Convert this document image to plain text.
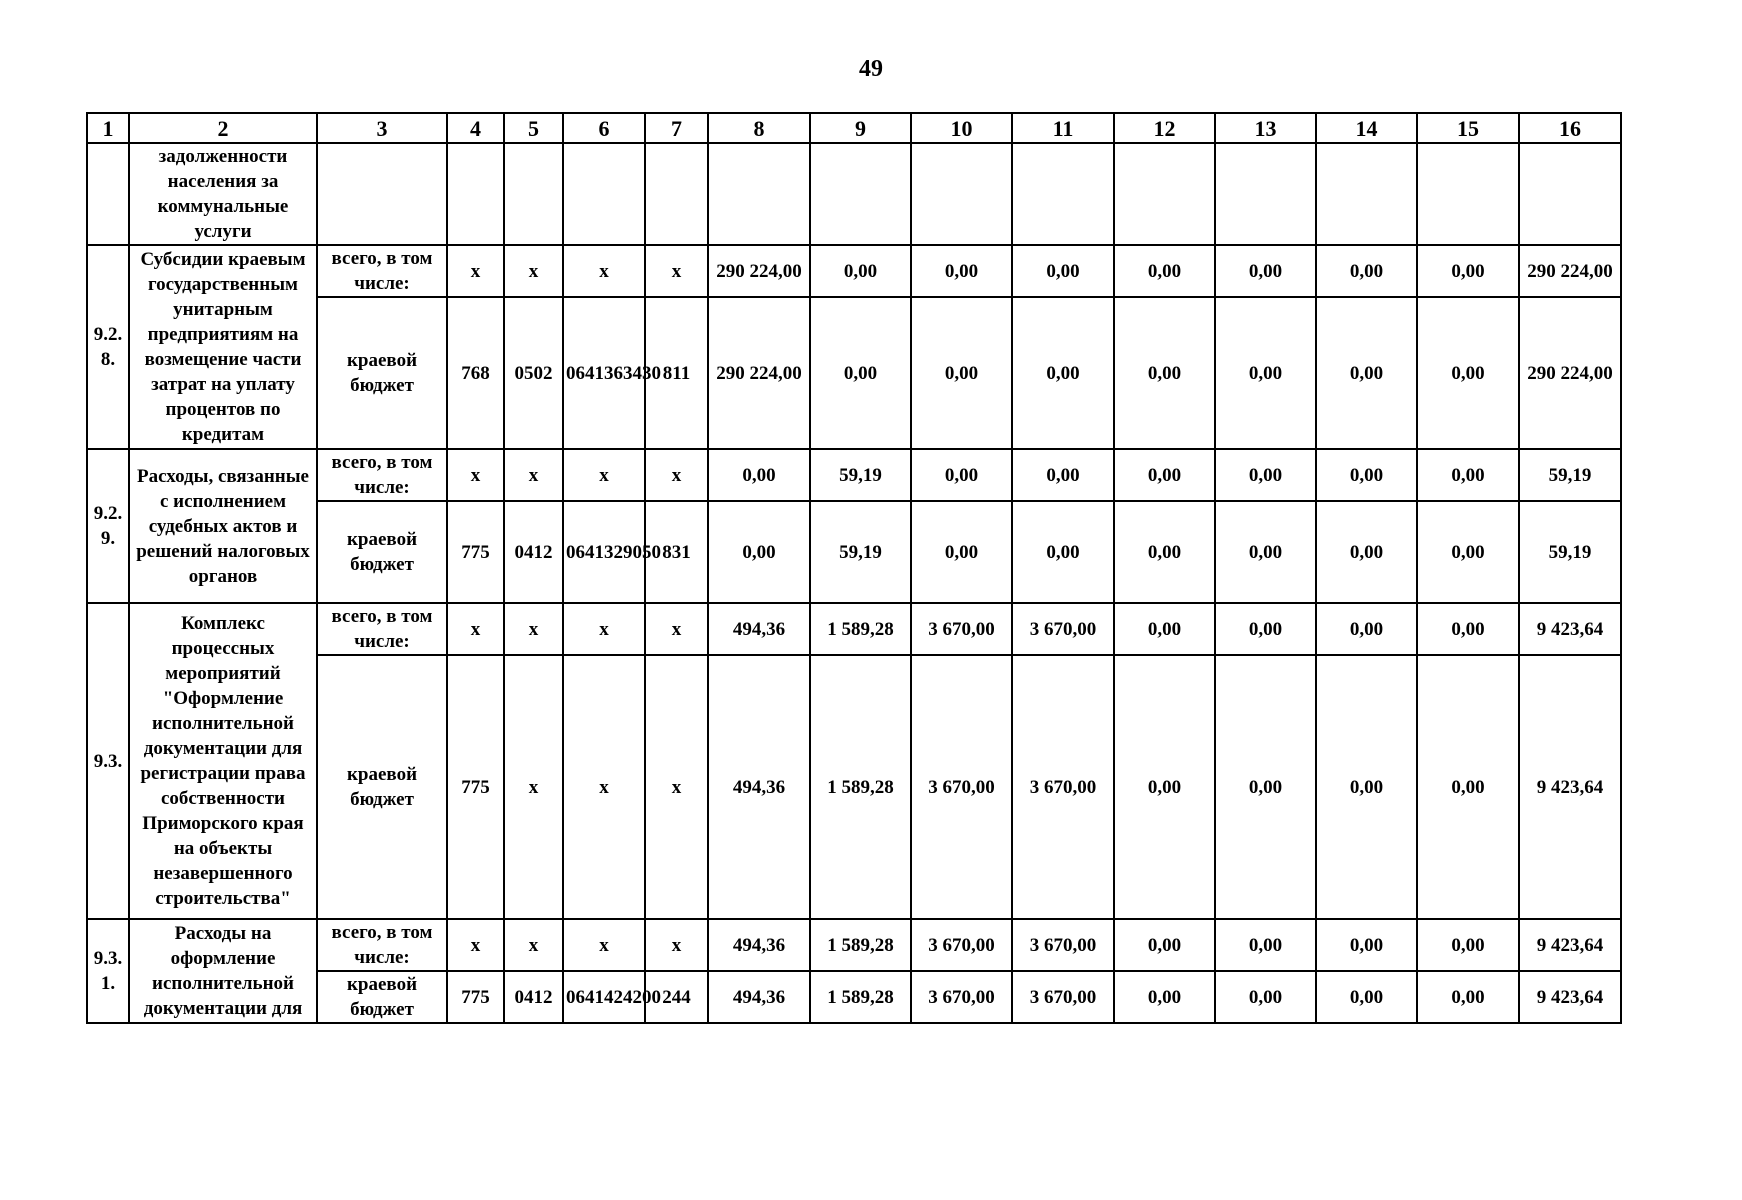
49
1	2	3	4	5	6	7	8	9	10	11	12	13	14	15	16
	задолженности населения за коммунальные услуги														
9.2. 8.	Субсидии краевым государственным унитарным предприятиям на возмещение части затрат на уплату процентов по кредитам	всего, в том числе:	x	x	x	x	290 224,00	0,00	0,00	0,00	0,00	0,00	0,00	0,00	290 224,00
		краевой бюджет	768	0502	0641363430	811	290 224,00	0,00	0,00	0,00	0,00	0,00	0,00	0,00	290 224,00
9.2. 9.	Расходы, связанные с исполнением судебных актов и решений налоговых органов	всего, в том числе:	x	x	x	x	0,00	59,19	0,00	0,00	0,00	0,00	0,00	0,00	59,19
		краевой бюджет	775	0412	0641329050	831	0,00	59,19	0,00	0,00	0,00	0,00	0,00	0,00	59,19
9.3.	Комплекс процессных мероприятий "Оформление исполнительной документации для регистрации права собственности Приморского края на объекты незавершенного строительства"	всего, в том числе:	x	x	x	x	494,36	1 589,28	3 670,00	3 670,00	0,00	0,00	0,00	0,00	9 423,64
		краевой бюджет	775	x	x	x	494,36	1 589,28	3 670,00	3 670,00	0,00	0,00	0,00	0,00	9 423,64
9.3. 1.	Расходы на оформление исполнительной документации для	всего, в том числе:	x	x	x	x	494,36	1 589,28	3 670,00	3 670,00	0,00	0,00	0,00	0,00	9 423,64
		краевой бюджет	775	0412	0641424200	244	494,36	1 589,28	3 670,00	3 670,00	0,00	0,00	0,00	0,00	9 423,64
